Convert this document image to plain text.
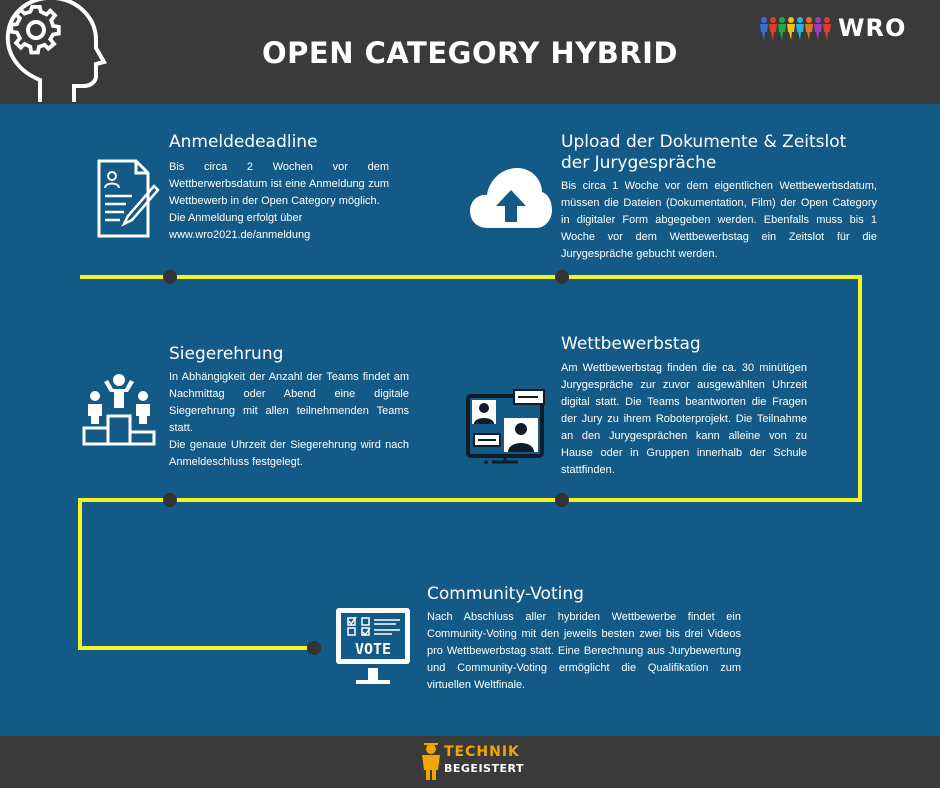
OPEN CATEGORY HYBRID
WRO
Anmeldedeadline

Bis circa 2 Wochen vor dem Wettberwerbsdatum ist eine Anmeldung zum Wettbewerb in der Open Category möglich.

Die Anmeldung erfolgt über

www.wro2021.de/anmeldung

Upload der Dokumente & Zeitslot
der Jurygespräche
Bis circa 1 Woche vor dem eigentlichen Wettbewerbsdatum, müssen die Dateien (Dokumentation, Film) der Open Category in digitaler Form abgegeben werden. Ebenfalls muss bis 1 Woche vor dem Wettbewerbstag ein Zeitslot für die Jurygespräche gebucht werden.
Siegerehrung

In Abhängigkeit der Anzahl der Teams findet am Nachmittag oder Abend eine digitale Siegerehrung mit allen teilnehmenden Teams statt.

Die genaue Uhrzeit der Siegerehrung wird nach Anmeldeschluss festgelegt.

Wettbewerbstag
Am Wettbewerbstag finden die ca. 30 minütigen Jurygespräche zur zuvor ausgewählten Uhrzeit digital statt. Die Teams beantworten die Fragen der Jury zu ihrem Roboterprojekt. Die Teilnahme an den Jurygesprächen kann alleine von zu Hause oder in Gruppen innerhalb der Schule stattfinden.
VOTE
Community-Voting
Nach Abschluss aller hybriden Wettbewerbe findet ein Community-Voting mit den jeweils besten zwei bis drei Videos pro Wettbewerbstag statt. Eine Berechnung aus Jurybewertung und Community-Voting ermöglicht die Qualifikation zum virtuellen Weltfinale.
TECHNIK
BEGEISTERT
